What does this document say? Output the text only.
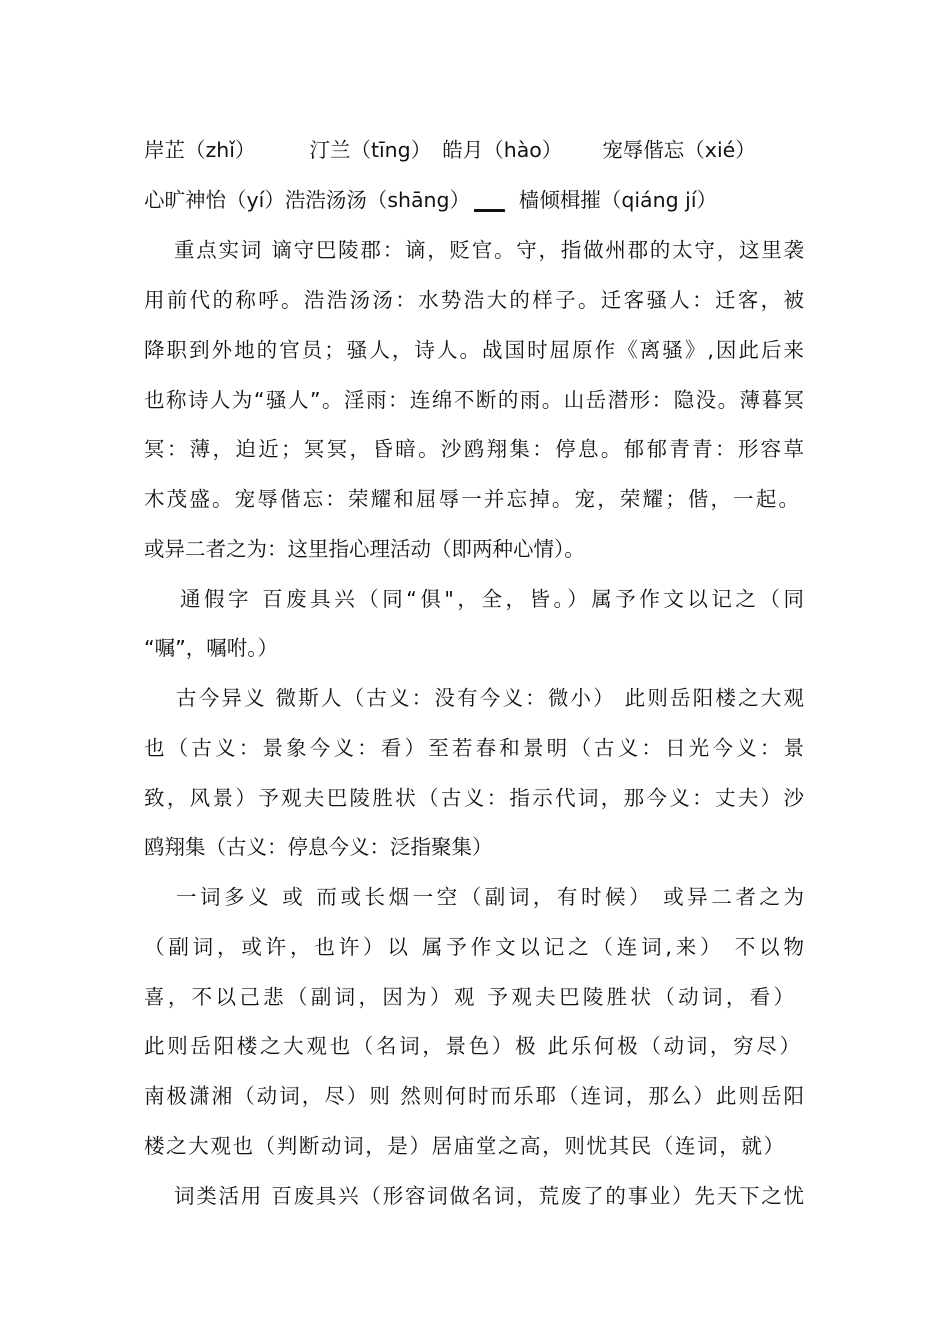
岸芷（zhǐ）	汀兰（tīng） 皓月（hào） 宠辱偕忘（xié）
心旷神怡（yí）浩浩汤汤（shāng） ___ 樯倾楫摧（qiáng jí）
重点实词 谪守巴陵郡：谪，贬官。守，指做州郡的太守，这里袭
用前代的称呼。浩浩汤汤：水势浩大的样子。迁客骚人：迁客，被
降职到外地的官员；骚人，诗人。战国时屈原作《离骚》,因此后来
也称诗人为“骚人”。淫雨：连绵不断的雨。山岳潜形：隐没。薄暮冥
冥：薄，迫近；冥冥，昏暗。沙鸥翔集：停息。郁郁青青：形容草
木茂盛。宠辱偕忘：荣耀和屈辱一并忘掉。宠，荣耀；偕，一起。
或异二者之为：这里指心理活动（即两种心情）。
通假字 百废具兴（同“俱"，全，皆。）属予作文以记之（同
“嘱”，嘱咐。）
古今异义 微斯人（古义：没有今义：微小） 此则岳阳楼之大观
也（古义：景象今义：看）至若春和景明（古义：日光今义：景
致，风景）予观夫巴陵胜状（古义：指示代词，那今义：丈夫）沙
鸥翔集（古义：停息今义：泛指聚集）
一词多义 或 而或长烟一空（副词，有时候） 或异二者之为
（副词，或许，也许）以 属予作文以记之（连词,来） 不以物
喜，不以己悲（副词，因为）观 予观夫巴陵胜状（动词，看）
此则岳阳楼之大观也（名词，景色）极 此乐何极（动词，穷尽）
南极潇湘（动词，尽）则 然则何时而乐耶（连词，那么）此则岳阳
楼之大观也（判断动词，是）居庙堂之高，则忧其民（连词，就）
词类活用 百废具兴（形容词做名词，荒废了的事业）先天下之忧
